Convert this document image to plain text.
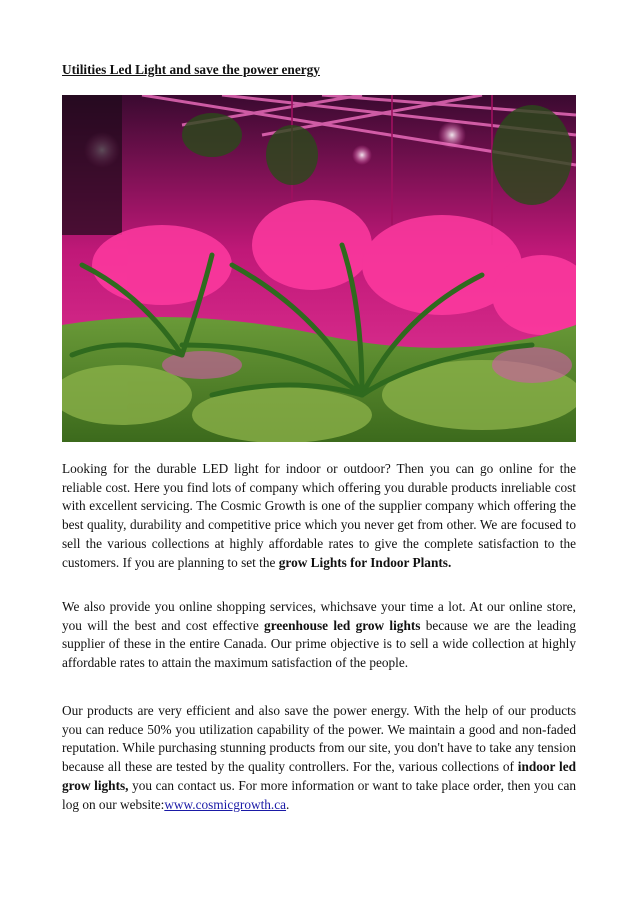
Utilities Led Light and save the power energy
Looking for the durable LED light for indoor or outdoor? Then you can go online for the reliable cost. Here you find lots of company which offering you durable products inreliable cost with excellent servicing. The Cosmic Growth is one of the supplier company which offering the best quality, durability and competitive price which you never get from other. We are focused to sell the various collections at highly affordable rates to give the complete satisfaction to the customers. If you are planning to set the grow Lights for Indoor Plants.
We also provide you online shopping services, whichsave your time a lot. At our online store, you will the best and cost effective greenhouse led grow lights because we are the leading supplier of these in the entire Canada. Our prime objective is to sell a wide collection at highly affordable rates to attain the maximum satisfaction of the people.
Our products are very efficient and also save the power energy. With the help of our products you can reduce 50% you utilization capability of the power. We maintain a good and non-faded reputation. While purchasing stunning products from our site, you don't have to take any tension because all these are tested by the quality controllers. For the, various collections of indoor led grow lights, you can contact us. For more information or want to take place order, then you can log on our website:www.cosmicgrowth.ca.
